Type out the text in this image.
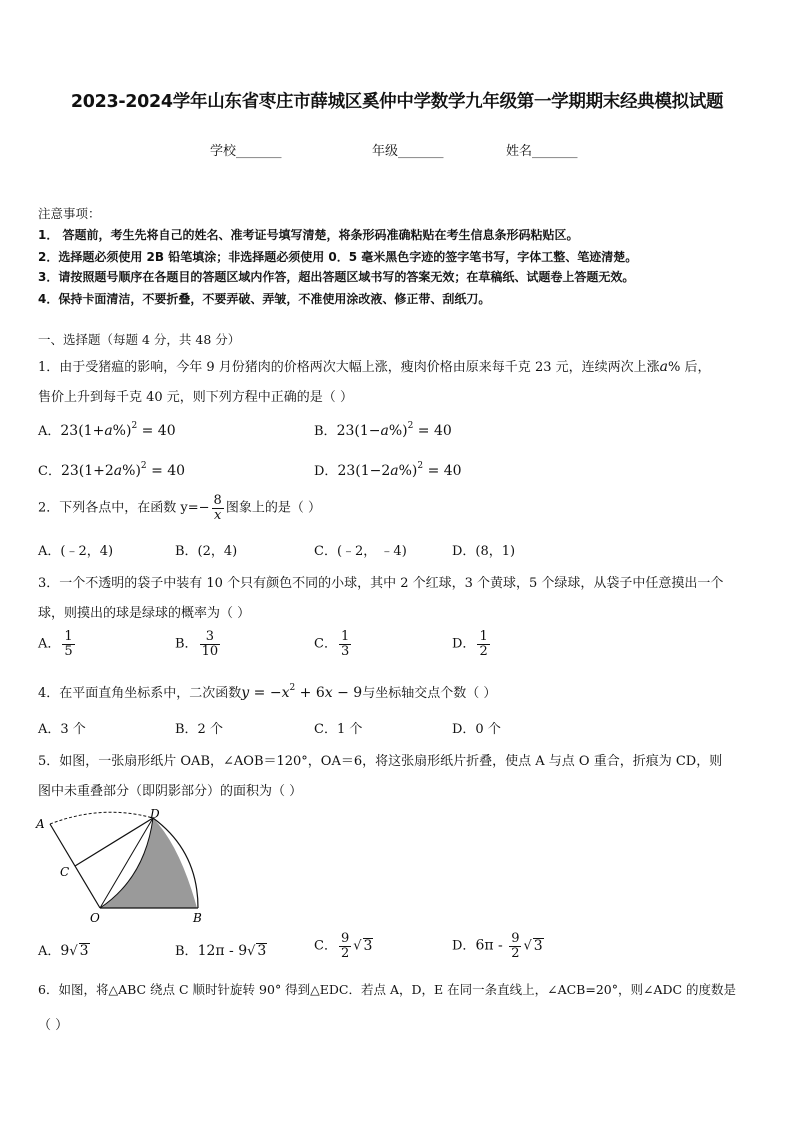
2023-2024学年山东省枣庄市薛城区奚仲中学数学九年级第一学期期末经典模拟试题
学校_______	年级_______	姓名_______
注意事项：
1． 答题前，考生先将自己的姓名、准考证号填写清楚，将条形码准确粘贴在考生信息条形码粘贴区。
2．选择题必须使用 2B 铅笔填涂；非选择题必须使用 0．5 毫米黑色字迹的签字笔书写，字体工整、笔迹清楚。
3．请按照题号顺序在各题目的答题区域内作答，超出答题区域书写的答案无效；在草稿纸、试题卷上答题无效。
4．保持卡面清洁，不要折叠，不要弄破、弄皱，不准使用涂改液、修正带、刮纸刀。
一、选择题（每题 4 分，共 48 分）
1．由于受猪瘟的影响，今年 9 月份猪肉的价格两次大幅上涨，瘦肉价格由原来每千克 23 元，连续两次上涨a% 后，
售价上升到每千克 40 元，则下列方程中正确的是（ ）
A．$23(1+a\%)^2 = 40$	B．$23(1-a\%)^2 = 40$
C．$23(1+2a\%)^2 = 40$	D．$23(1-2a\%)^2 = 40$
2．下列各点中，在函数 $y=- \frac{8}{x}$ 图象上的是（ ）
A．(﹣2，4)	B．(2，4)	C．(﹣2， ﹣4)	D．(8，1)
3．一个不透明的袋子中装有 10 个只有颜色不同的小球，其中 2 个红球，3 个黄球，5 个绿球，从袋子中任意摸出一个
球，则摸出的球是绿球的概率为（ ）
A． $\frac{1}{5}$	B． $\frac{3}{10}$	C． $\frac{1}{3}$	D． $\frac{1}{2}$
4．在平面直角坐标系中，二次函数$y = -x^2 + 6x - 9$与坐标轴交点个数（ ）
A．3 个	B．2 个	C．1 个	D．0 个
5．如图，一张扇形纸片 OAB，∠AOB＝120°，OA＝6，将这张扇形纸片折叠，使点 A 与点 O 重合，折痕为 CD，则
图中未重叠部分（即阴影部分）的面积为（ ）
A
D
C
O	B
A．9√ 3	B．12π - 9√ 3	C． $\frac{9}{2}$ √ 3	D．$6\pi - \frac{9}{2}$ √ 3
6．如图，将△ABC 绕点 C 顺时针旋转 90° 得到△EDC．若点 A，D，E 在同一条直线上，∠ACB=20°，则∠ADC 的度数是
（ ）
